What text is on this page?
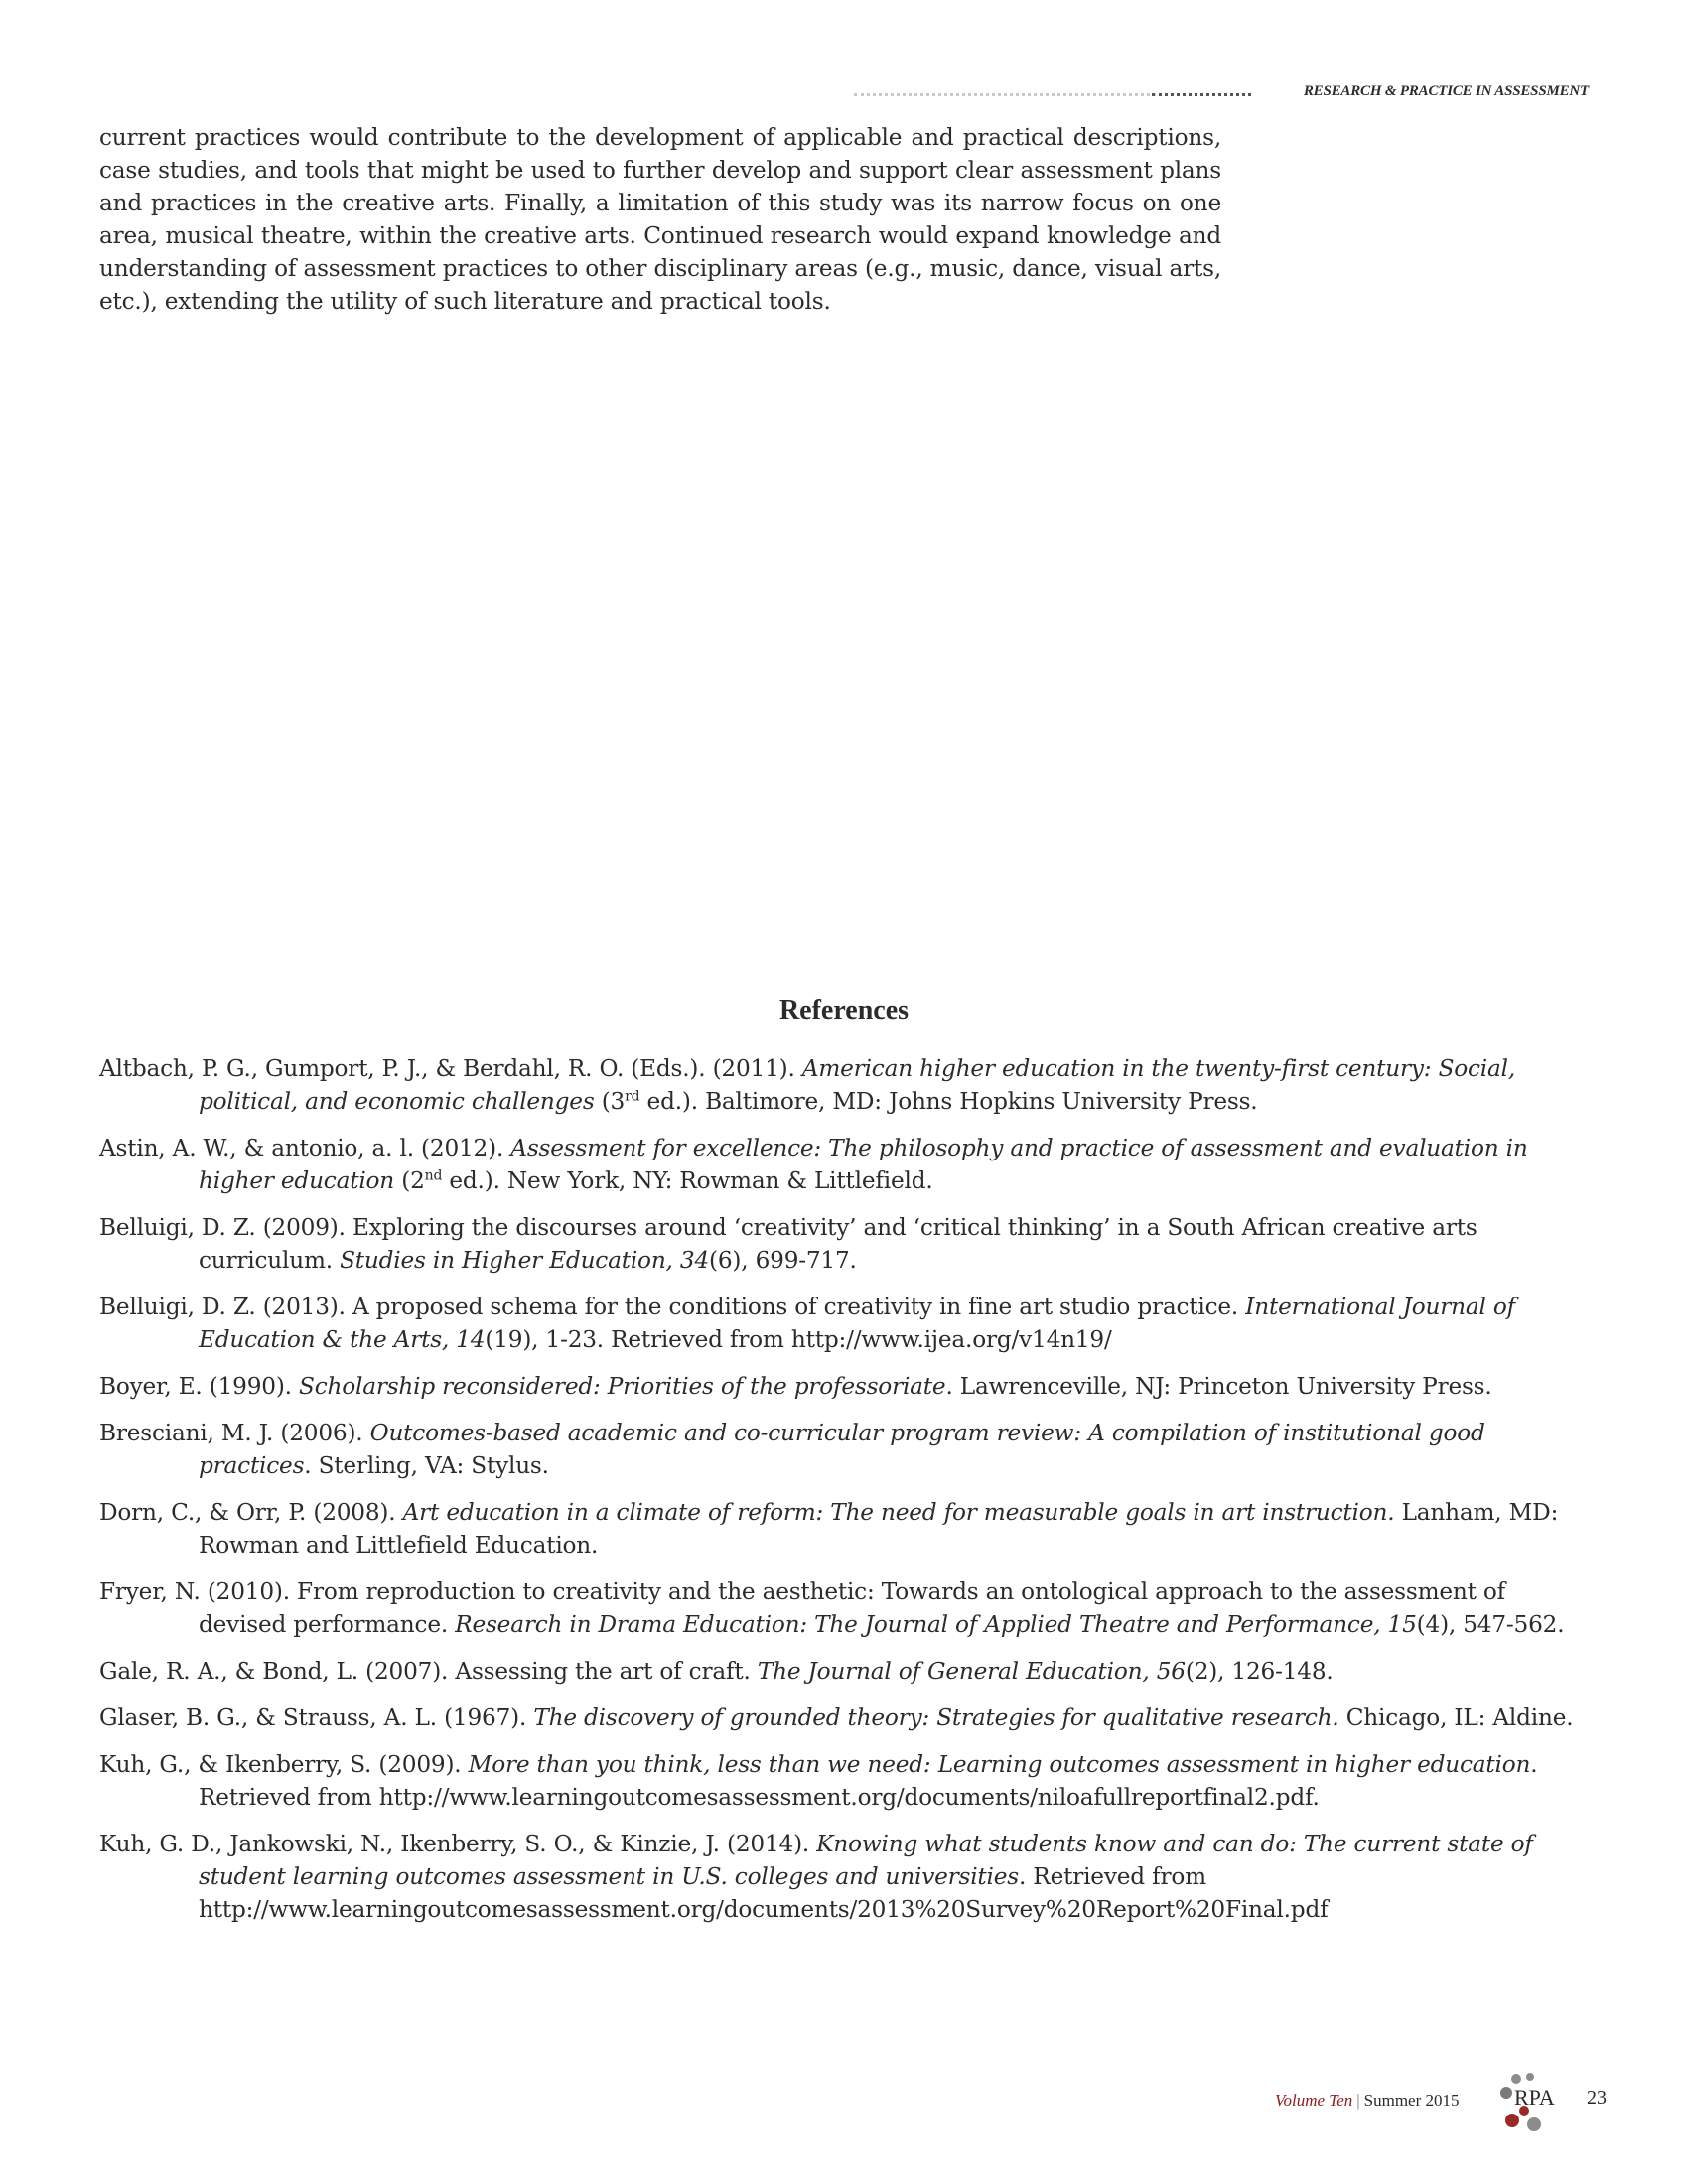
RESEARCH & PRACTICE IN ASSESSMENT

current practices would contribute to the development of applicable and practical descriptions, case studies, and tools that might be used to further develop and support clear assessment plans and practices in the creative arts. Finally, a limitation of this study was its narrow focus on one area, musical theatre, within the creative arts. Continued research would expand knowledge and understanding of assessment practices to other disciplinary areas (e.g., music, dance, visual arts, etc.), extending the utility of such literature and practical tools.

References
Altbach, P. G., Gumport, P. J., & Berdahl, R. O. (Eds.). (2011). American higher education in the twenty-first century: Social, political, and economic challenges (3rd ed.). Baltimore, MD: Johns Hopkins University Press.
Astin, A. W., & antonio, a. l. (2012). Assessment for excellence: The philosophy and practice of assessment and evaluation in higher education (2nd ed.). New York, NY: Rowman & Littlefield.
Belluigi, D. Z. (2009). Exploring the discourses around ‘creativity’ and ‘critical thinking’ in a South African creative arts curriculum. Studies in Higher Education, 34(6), 699-717.
Belluigi, D. Z. (2013). A proposed schema for the conditions of creativity in fine art studio practice. International Journal of Education & the Arts, 14(19), 1-23. Retrieved from http://www.ijea.org/v14n19/
Boyer, E. (1990). Scholarship reconsidered: Priorities of the professoriate. Lawrenceville, NJ: Princeton University Press.
Bresciani, M. J. (2006). Outcomes-based academic and co-curricular program review: A compilation of institutional good practices. Sterling, VA: Stylus.
Dorn, C., & Orr, P. (2008). Art education in a climate of reform: The need for measurable goals in art instruction. Lanham, MD: Rowman and Littlefield Education.
Fryer, N. (2010). From reproduction to creativity and the aesthetic: Towards an ontological approach to the assessment of devised performance. Research in Drama Education: The Journal of Applied Theatre and Performance, 15(4), 547-562.
Gale, R. A., & Bond, L. (2007). Assessing the art of craft. The Journal of General Education, 56(2), 126-148.
Glaser, B. G., & Strauss, A. L. (1967). The discovery of grounded theory: Strategies for qualitative research. Chicago, IL: Aldine.
Kuh, G., & Ikenberry, S. (2009). More than you think, less than we need: Learning outcomes assessment in higher education. Retrieved from http://www.learningoutcomesassessment.org/documents/niloafullreportfinal2.pdf.
Kuh, G. D., Jankowski, N., Ikenberry, S. O., & Kinzie, J. (2014). Knowing what students know and can do: The current state of student learning outcomes assessment in U.S. colleges and universities. Retrieved from http://www.learningoutcomesassessment.org/documents/2013%20Survey%20Report%20Final.pdf
Volume Ten | Summer 2015	RPA 23
